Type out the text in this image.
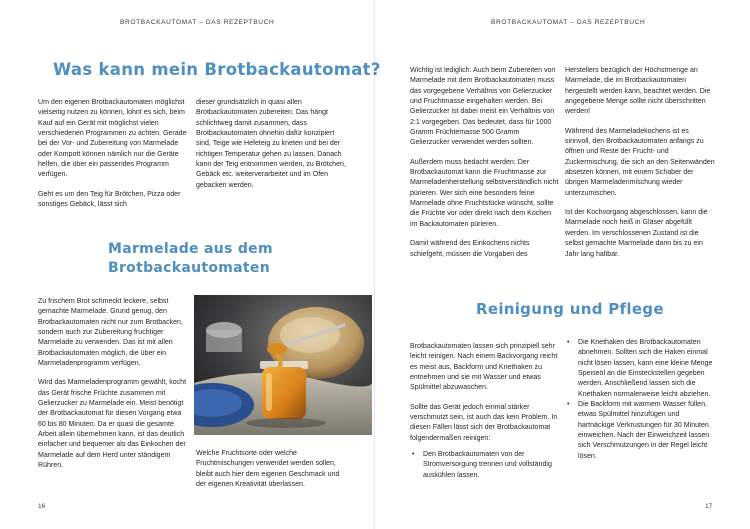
BROTBACKAUTOMAT – DAS REZEPTBUCH	BROTBACKAUTOMAT – DAS REZEPTBUCH
Was kann mein Brotbackautomat?

Um den eigenen Brotbackautomaten möglichst vielseitig nutzen zu können, lohnt es sich, beim Kauf auf ein Gerät mit möglichst vielen verschiedenen Programmen zu achten. Gerade bei der Vor- und Zubereitung von Marmelade oder Kompott können nämlich nur die Geräte helfen, die über ein passendes Programm verfügen.

Geht es um den Teig für Brötchen, Pizza oder sonstiges Gebäck, lässt sich

dieser grundsätzlich in quasi allen Brotbackautomaten zubereiten. Das hängt schlichtweg damit zusammen, dass Brotbackautomaten ohnehin dafür konzipiert sind, Teige wie Hefeteig zu kneten und bei der richtigen Temperatur gehen zu lassen. Danach kann der Teig entnommen werden, zu Brötchen, Gebäck etc. weiterverarbeitet und im Ofen gebacken werden.

Marmelade aus dem
Brotbackautomaten

Zu frischem Brot schmeckt leckere, selbst gemachte Marmelade. Grund genug, den Brotbackautomaten nicht nur zum Brotbacken, sondern auch zur Zubereitung fruchtiger Marmelade zu verwenden. Das ist mit allen Brotbackautomaten möglich, die über ein Marmeladenprogramm verfügen.

Wird das Marmeladenprogramm gewählt, kocht das Gerät frische Früchte zusammen mit Gelierzucker zu Marmelade ein. Meist benötigt der Brotbackautomat für diesen Vorgang etwa 60 bis 80 Minuten. Da er quasi die gesamte Arbeit allein übernehmen kann, ist das deutlich einfacher und bequemer als das Einkochen der Marmelade auf dem Herd unter ständigem Rühren.

Welche Fruchtsorte oder welche Fruchtmischungen verwendet werden sollen, bleibt auch hier dem eigenen Geschmack und der eigenen Kreativität überlassen.

Wichtig ist lediglich: Auch beim Zubereiten von Marmelade mit dem Brotbackautomaten muss das vorgegebene Verhältnis von Gelierzucker und Fruchtmasse eingehalten werden. Bei Gelierzucker ist dabei meist ein Verhältnis von 2:1 vorgegeben. Das bedeutet, dass für 1000 Gramm Früchtemasse 500 Gramm Gelierzucker verwendet werden sollten.

Außerdem muss bedacht werden: Der Brotbackautomat kann die Fruchtmasse zur Marmeladenherstellung selbstverständlich nicht pürieren. Wer sich eine besonders feine Marmelade ohne Fruchtstücke wünscht, sollte die Früchte vor oder direkt nach dem Kochen im Backautomaten pürieren.

Damit während des Einkochens nichts schiefgeht, müssen die Vorgaben des

Herstellers bezüglich der Höchstmenge an Marmelade, die im Brotbackautomaten hergestellt werden kann, beachtet werden. Die angegebene Menge sollte nicht überschritten werden!

Während des Marmeladekochens ist es sinnvoll, den Brotbackautomaten anfangs zu öffnen und Reste der Frucht- und Zuckermischung, die sich an den Seitenwänden absetzen können, mit einem Schaber der übrigen Marmeladenmischung wieder unterzumischen.

Ist der Kochvorgang abgeschlossen, kann die Marmelade noch heiß in Gläser abgefüllt werden. Im verschlossenen Zustand ist die selbst gemachte Marmelade dann bis zu ein Jahr lang haltbar.

Reinigung und Pflege

Brotbackautomaten lassen sich prinzipiell sehr leicht reinigen. Nach einem Backvorgang reicht es meist aus, Backform und Knethaken zu entnehmen und sie mit Wasser und etwas Spülmittel abzuwaschen.

Sollte das Gerät jedoch einmal stärker verschmutzt sein, ist auch das kein Problem. In diesen Fällen lässt sich der Brotbackautomat folgendermaßen reinigen:

• Den Brotbackautomaten von der Stromversorgung trennen und vollständig auskühlen lassen.
• Die Knethaken des Brotbackautomaten abnehmen. Sollten sich die Haken einmal nicht lösen lassen, kann eine kleine Menge Speiseöl an die Einsteckstellen gegeben werden. Anschließend lassen sich die Knethaken normalerweise leicht abziehen.
• Die Backform mit warmem Wasser füllen, etwas Spülmittel hinzufügen und hartnäckige Verkrustungen für 30 Minuten einweichen. Nach der Einweichzeit lassen sich Verschmutzungen in der Regel leicht lösen.
16	17
